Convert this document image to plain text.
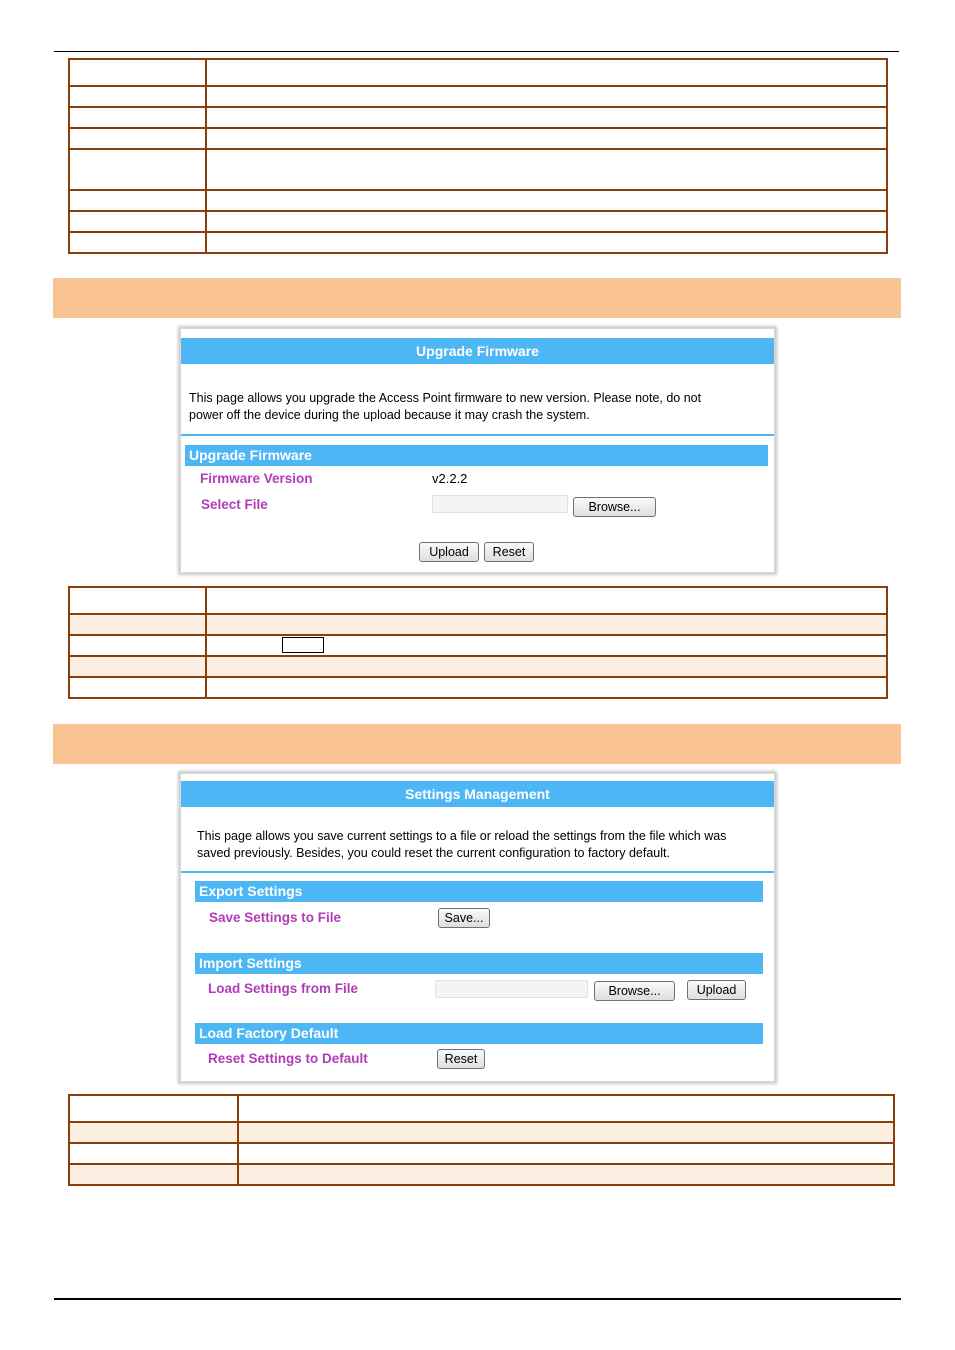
Upgrade Firmware
This page allows you upgrade the Access Point firmware to new version. Please note, do not
power off the device during the upload because it may crash the system.
Upgrade Firmware
Firmware Version	v2.2.2
Select File	Browse...
Upload	Reset

Settings Management
This page allows you save current settings to a file or reload the settings from the file which was
saved previously. Besides, you could reset the current configuration to factory default.
Export Settings
Save Settings to File	Save...
Import Settings
Load Settings from File	Browse...	Upload
Load Factory Default
Reset Settings to Default	Reset
